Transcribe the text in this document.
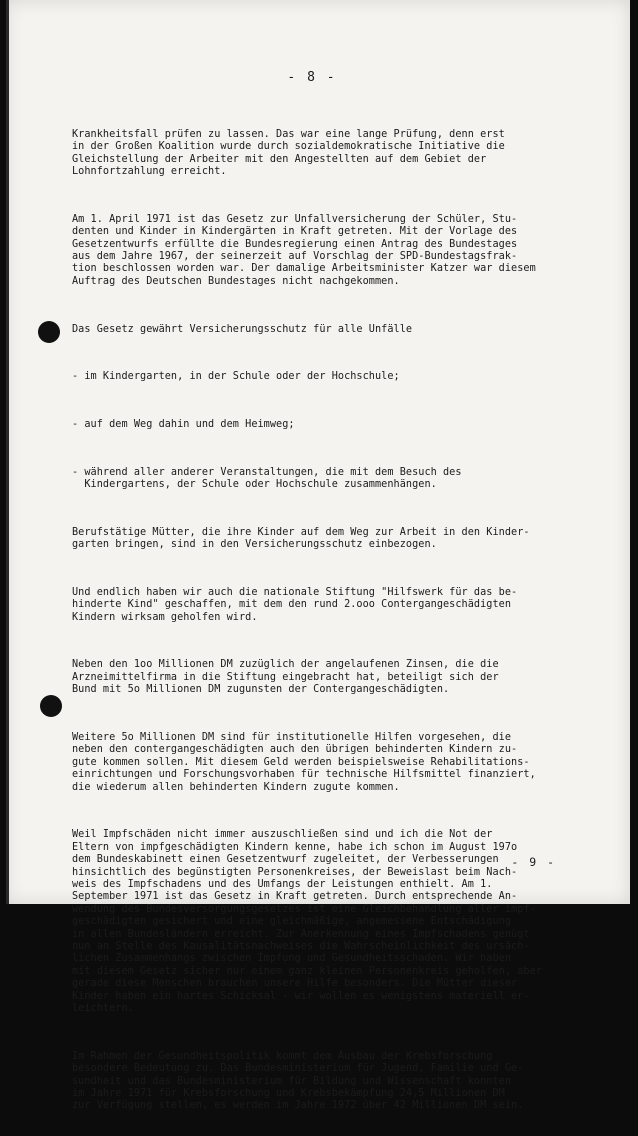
- 8 -

Krankheitsfall prüfen zu lassen. Das war eine lange Prüfung, denn erst
in der Großen Koalition wurde durch sozialdemokratische Initiative die
Gleichstellung der Arbeiter mit den Angestellten auf dem Gebiet der
Lohnfortzahlung erreicht.

Am 1. April 1971 ist das Gesetz zur Unfallversicherung der Schüler, Stu-
denten und Kinder in Kindergärten in Kraft getreten. Mit der Vorlage des
Gesetzentwurfs erfüllte die Bundesregierung einen Antrag des Bundestages
aus dem Jahre 1967, der seinerzeit auf Vorschlag der SPD-Bundestagsfrak-
tion beschlossen worden war. Der damalige Arbeitsminister Katzer war diesem
Auftrag des Deutschen Bundestages nicht nachgekommen.

Das Gesetz gewährt Versicherungsschutz für alle Unfälle

- im Kindergarten, in der Schule oder der Hochschule;

- auf dem Weg dahin und dem Heimweg;

- während aller anderer Veranstaltungen, die mit dem Besuch des
Kindergartens, der Schule oder Hochschule zusammenhängen.

Berufstätige Mütter, die ihre Kinder auf dem Weg zur Arbeit in den Kinder-
garten bringen, sind in den Versicherungsschutz einbezogen.

Und endlich haben wir auch die nationale Stiftung "Hilfswerk für das be-
hinderte Kind" geschaffen, mit dem den rund 2.ooo Contergangeschädigten
Kindern wirksam geholfen wird.

Neben den 1oo Millionen DM zuzüglich der angelaufenen Zinsen, die die
Arzneimittelfirma in die Stiftung eingebracht hat, beteiligt sich der
Bund mit 5o Millionen DM zugunsten der Contergangeschädigten.

Weitere 5o Millionen DM sind für institutionelle Hilfen vorgesehen, die
neben den contergangeschädigten auch den übrigen behinderten Kindern zu-
gute kommen sollen. Mit diesem Geld werden beispielsweise Rehabilitations-
einrichtungen und Forschungsvorhaben für technische Hilfsmittel finanziert,
die wiederum allen behinderten Kindern zugute kommen.

Weil Impfschäden nicht immer auszuschließen sind und ich die Not der
Eltern von impfgeschädigten Kindern kenne, habe ich schon im August 197o
dem Bundeskabinett einen Gesetzentwurf zugeleitet, der Verbesserungen
hinsichtlich des begünstigten Personenkreises, der Beweislast beim Nach-
weis des Impfschadens und des Umfangs der Leistungen enthielt. Am 1.
September 1971 ist das Gesetz in Kraft getreten. Durch entsprechende An-
wendung des Bundesversorgungsgesetzes ist eine Gleichbehandlung aller impf-
geschädigten gesichert und eine gleichmäßige, angemessene Entschädigung
in allen Bundesländern erreicht. Zur Anerkennung eines Impfschadens genügt
nun an Stelle des Kausalitätsnachweises die Wahrscheinlichkeit des ursäch-
lichen Zusammenhangs zwischen Impfung und Gesundheitsschaden. Wir haben
mit diesem Gesetz sicher nur einem ganz kleinen Personenkreis geholfen, aber
gerade diese Menschen brauchen unsere Hilfe besonders. Die Mütter dieser
Kinder haben ein hartes Schicksal - wir wollen es wenigstens materiell er-
leichtern.

Im Rahmen der Gesundheitspolitik kommt dem Ausbau der Krebsforschung
besondere Bedeutung zu. Das Bundesministerium für Jugend, Familie und Ge-
sundheit und das Bundesministerium für Bildung und Wissenschaft konnten
im Jahre 1971 für Krebsforschung und Krebsbekämpfung 24,5 Millionen DM
zur Verfügung stellen, es werden im Jahre 1972 über 42 Millionen DM sein.

- 9 -
